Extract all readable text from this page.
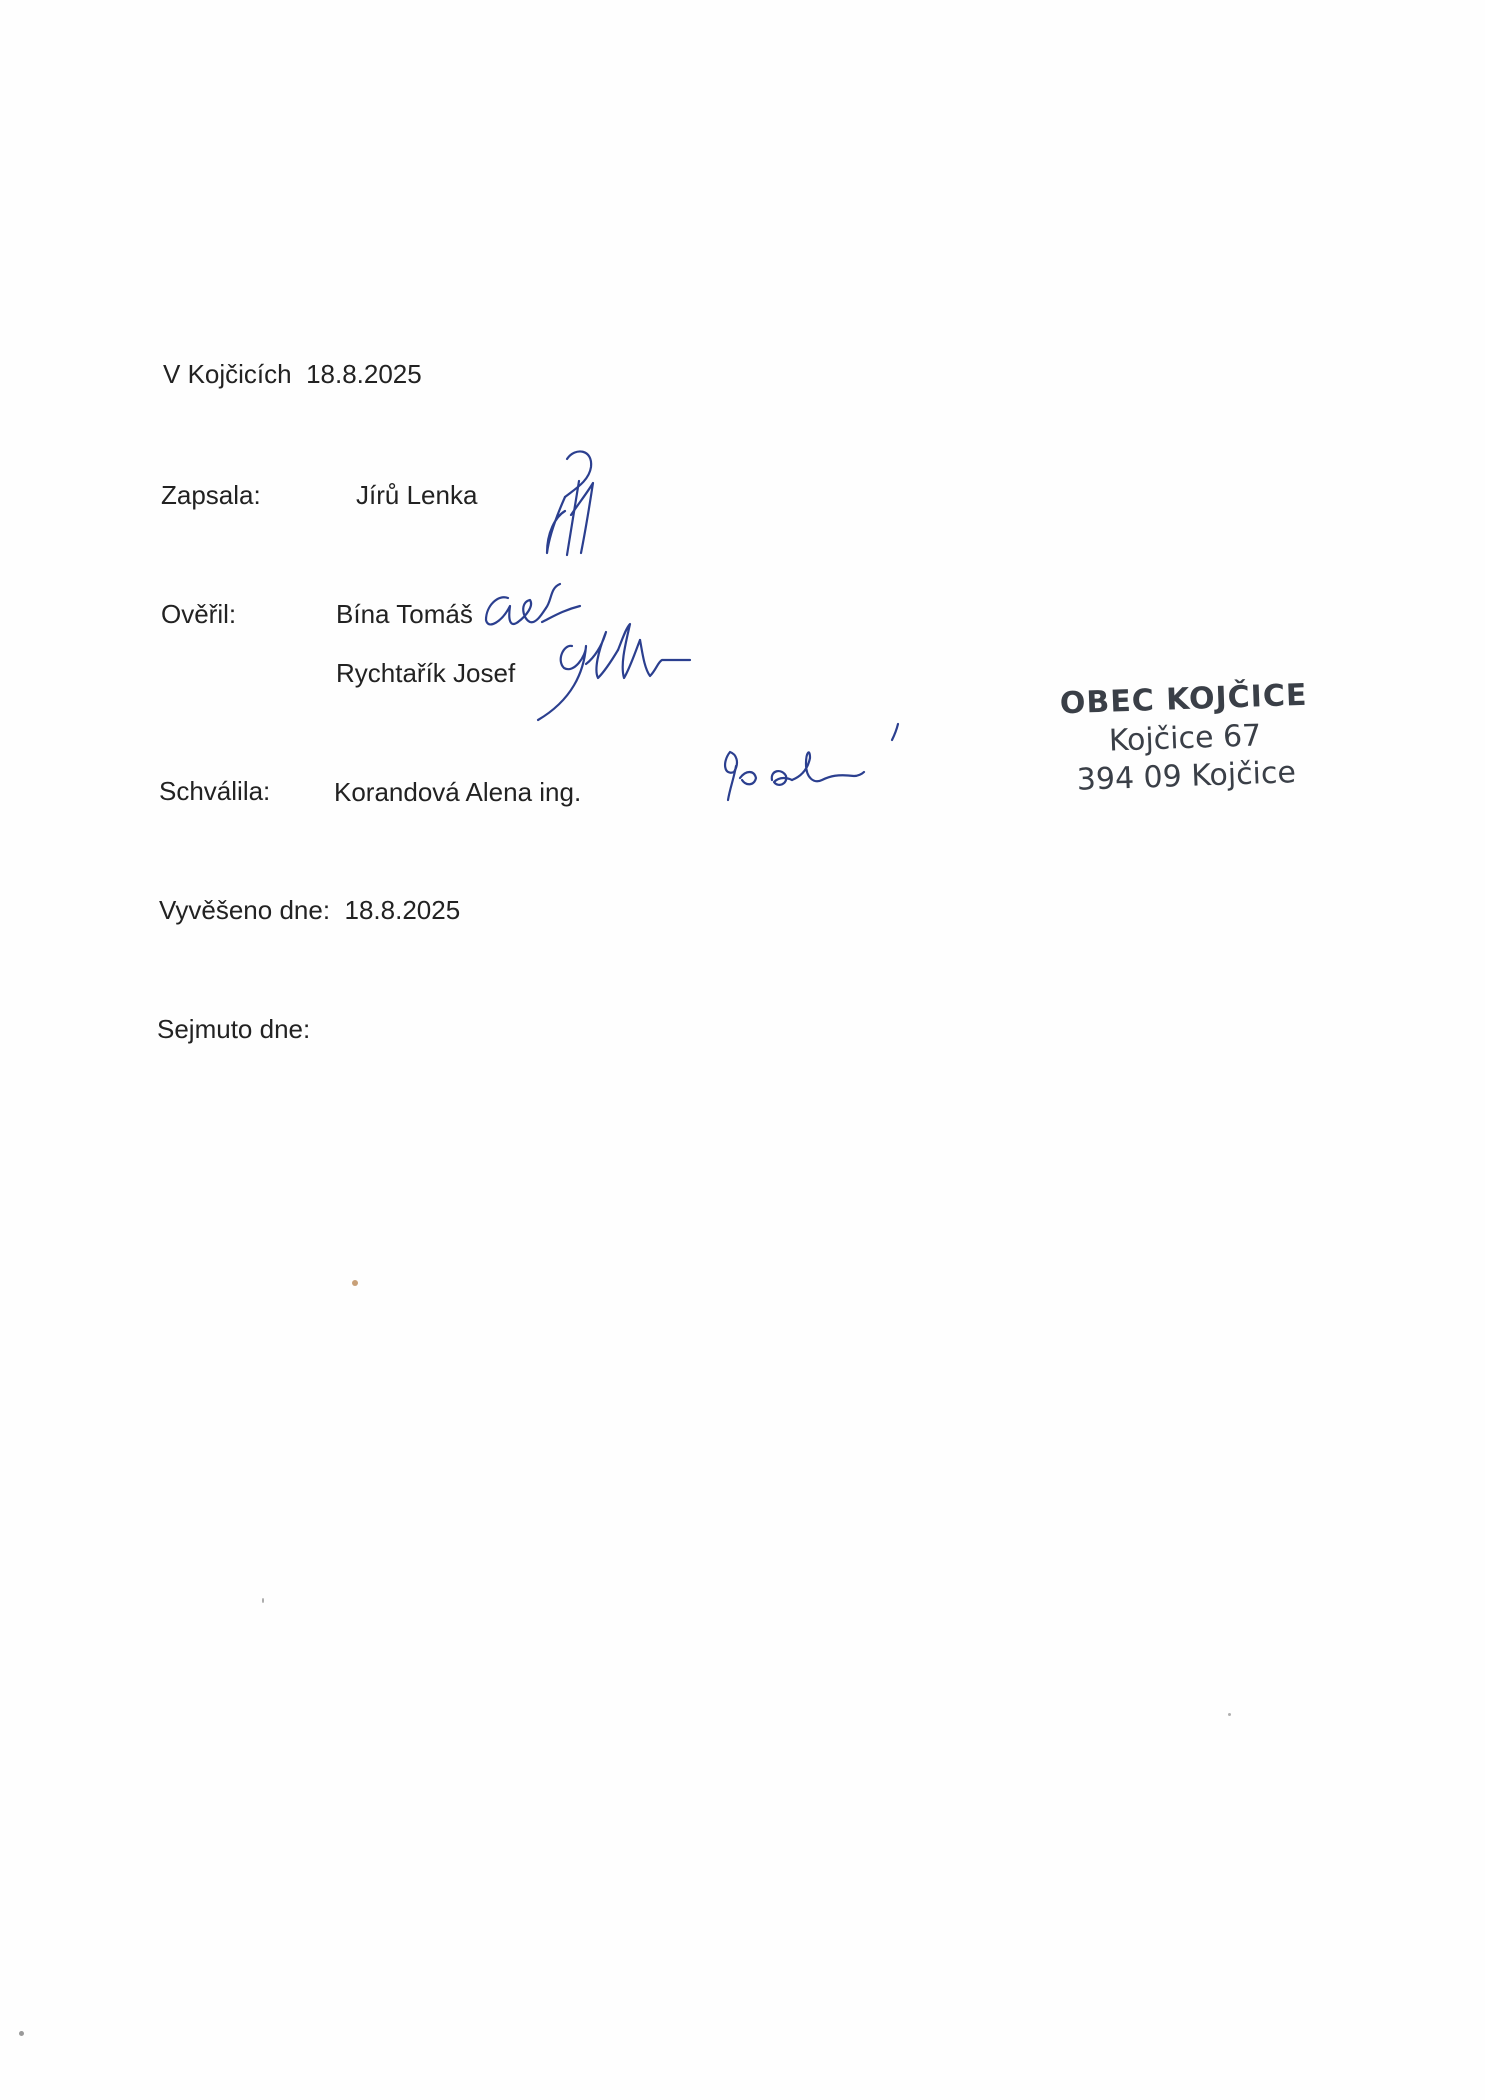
V Kojčicích 18.8.2025
Zapsala:	Jírů Lenka
Ověřil:	Bína Tomáš
Rychtařík Josef
Schválila: Korandová Alena ing.
Vyvěšeno dne: 18.8.2025
Sejmuto dne:
OBEC KOJČICE
Kojčice 67
394 09 Kojčice
